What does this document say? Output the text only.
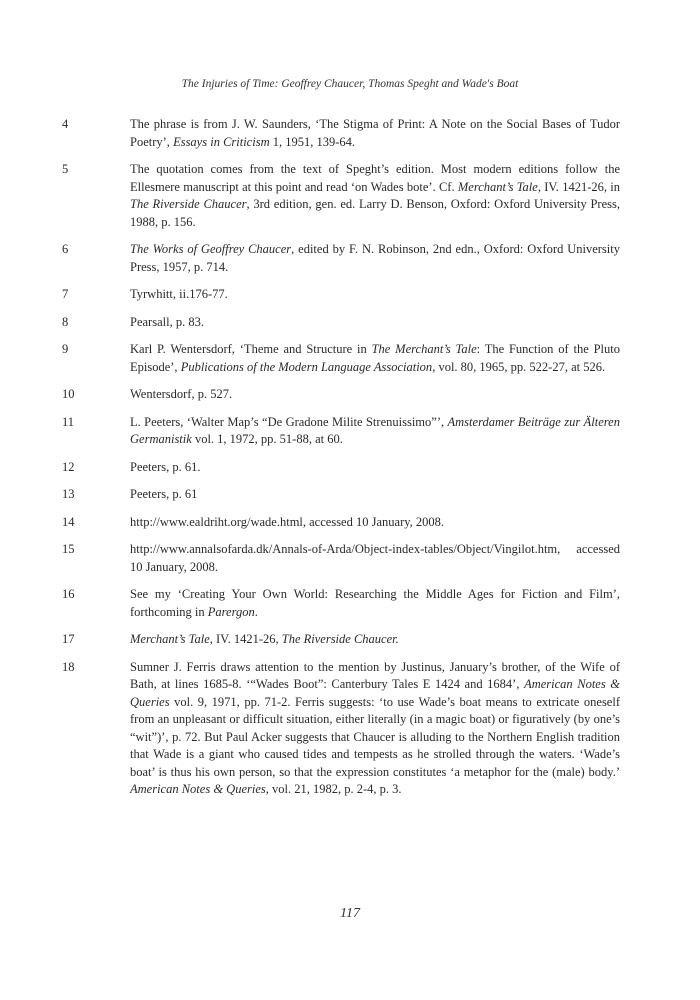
The Injuries of Time: Geoffrey Chaucer, Thomas Speght and Wade's Boat
4	The phrase is from J. W. Saunders, ‘The Stigma of Print: A Note on the Social Bases of Tudor Poetry’, Essays in Criticism 1, 1951, 139-64.
5	The quotation comes from the text of Speght’s edition. Most modern editions follow the Ellesmere manuscript at this point and read ‘on Wades bote’. Cf. Merchant’s Tale, IV. 1421-26, in The Riverside Chaucer, 3rd edition, gen. ed. Larry D. Benson, Oxford: Oxford University Press, 1988, p. 156.
6	The Works of Geoffrey Chaucer, edited by F. N. Robinson, 2nd edn., Oxford: Oxford University Press, 1957, p. 714.
7	Tyrwhitt, ii.176-77.
8	Pearsall, p. 83.
9	Karl P. Wentersdorf, ‘Theme and Structure in The Merchant’s Tale: The Function of the Pluto Episode’, Publications of the Modern Language Association, vol. 80, 1965, pp. 522-27, at 526.
10	Wentersdorf, p. 527.
11	L. Peeters, ‘Walter Map’s “De Gradone Milite Strenuissimo”’, Amsterdamer Beiträge zur Älteren Germanistik vol. 1, 1972, pp. 51-88, at 60.
12	Peeters, p. 61.
13	Peeters, p. 61
14	http://www.ealdriht.org/wade.html, accessed 10 January, 2008.
15	http://www.annalsofarda.dk/Annals-of-Arda/Object-index-tables/Object/Vingilot.htm, accessed 10 January, 2008.
16	See my ‘Creating Your Own World: Researching the Middle Ages for Fiction and Film’, forthcoming in Parergon.
17	Merchant’s Tale, IV. 1421-26, The Riverside Chaucer.
18	Sumner J. Ferris draws attention to the mention by Justinus, January’s brother, of the Wife of Bath, at lines 1685-8. ‘“Wades Boot”: Canterbury Tales E 1424 and 1684’, American Notes & Queries vol. 9, 1971, pp. 71-2. Ferris suggests: ‘to use Wade’s boat means to extricate oneself from an unpleasant or difficult situation, either literally (in a magic boat) or figuratively (by one’s “wit”)’, p. 72. But Paul Acker suggests that Chaucer is alluding to the Northern English tradition that Wade is a giant who caused tides and tempests as he strolled through the waters. ‘Wade’s boat’ is thus his own person, so that the expression constitutes ‘a metaphor for the (male) body.’ American Notes & Queries, vol. 21, 1982, p. 2-4, p. 3.
117
